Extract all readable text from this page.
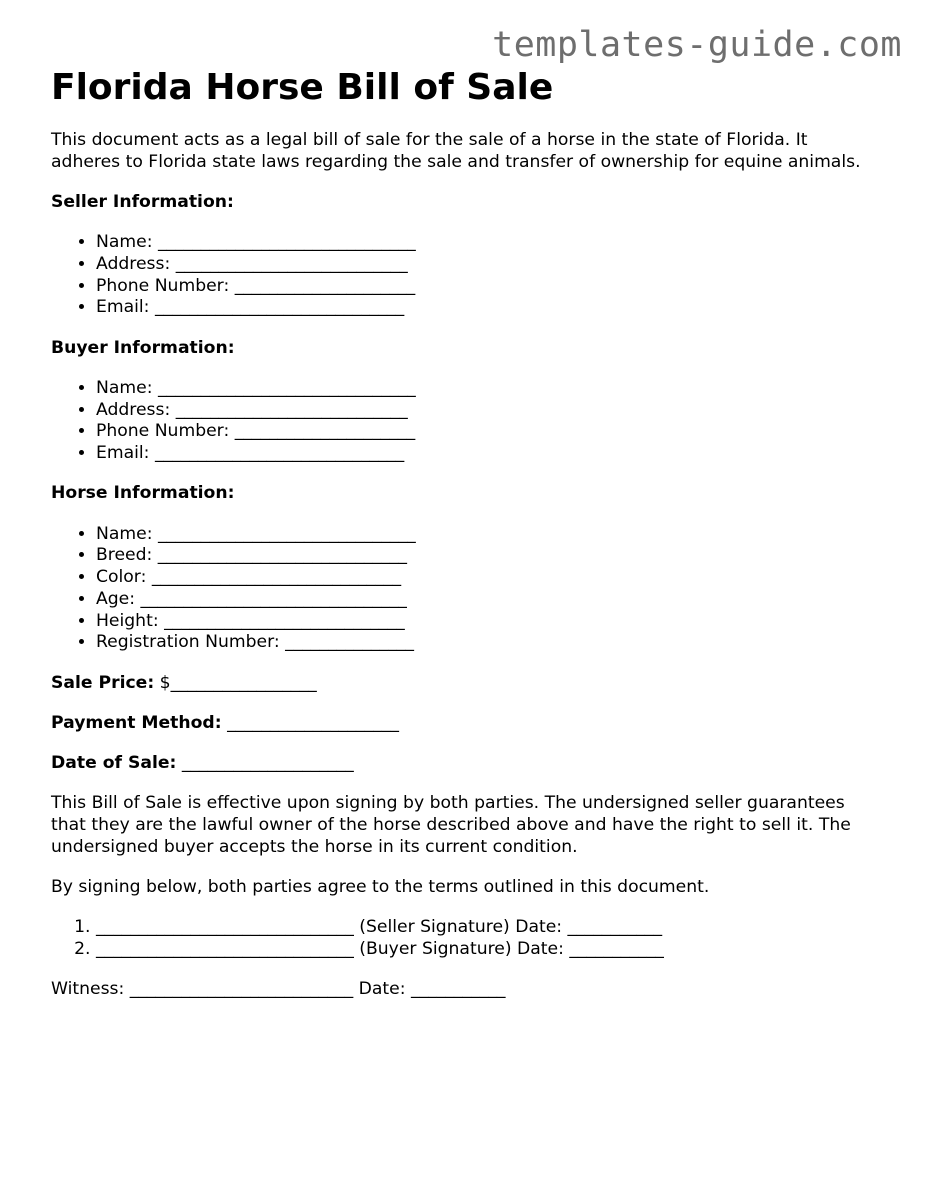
templates-guide.com
Florida Horse Bill of Sale

This document acts as a legal bill of sale for the sale of a horse in the state of Florida. It adheres to Florida state laws regarding the sale and transfer of ownership for equine animals.

Seller Information:

• Name: ______________________________
• Address: ___________________________
• Phone Number: _____________________
• Email: _____________________________

Buyer Information:

• Name: ______________________________
• Address: ___________________________
• Phone Number: _____________________
• Email: _____________________________

Horse Information:

• Name: ______________________________
• Breed: _____________________________
• Color: _____________________________
• Age: _______________________________
• Height: ____________________________
• Registration Number: _______________

Sale Price: $_________________

Payment Method: ____________________

Date of Sale: ____________________

This Bill of Sale is effective upon signing by both parties. The undersigned seller guarantees that they are the lawful owner of the horse described above and have the right to sell it. The undersigned buyer accepts the horse in its current condition.

By signing below, both parties agree to the terms outlined in this document.

1. ______________________________ (Seller Signature) Date: ___________
2. ______________________________ (Buyer Signature) Date: ___________

Witness: __________________________ Date: ___________
